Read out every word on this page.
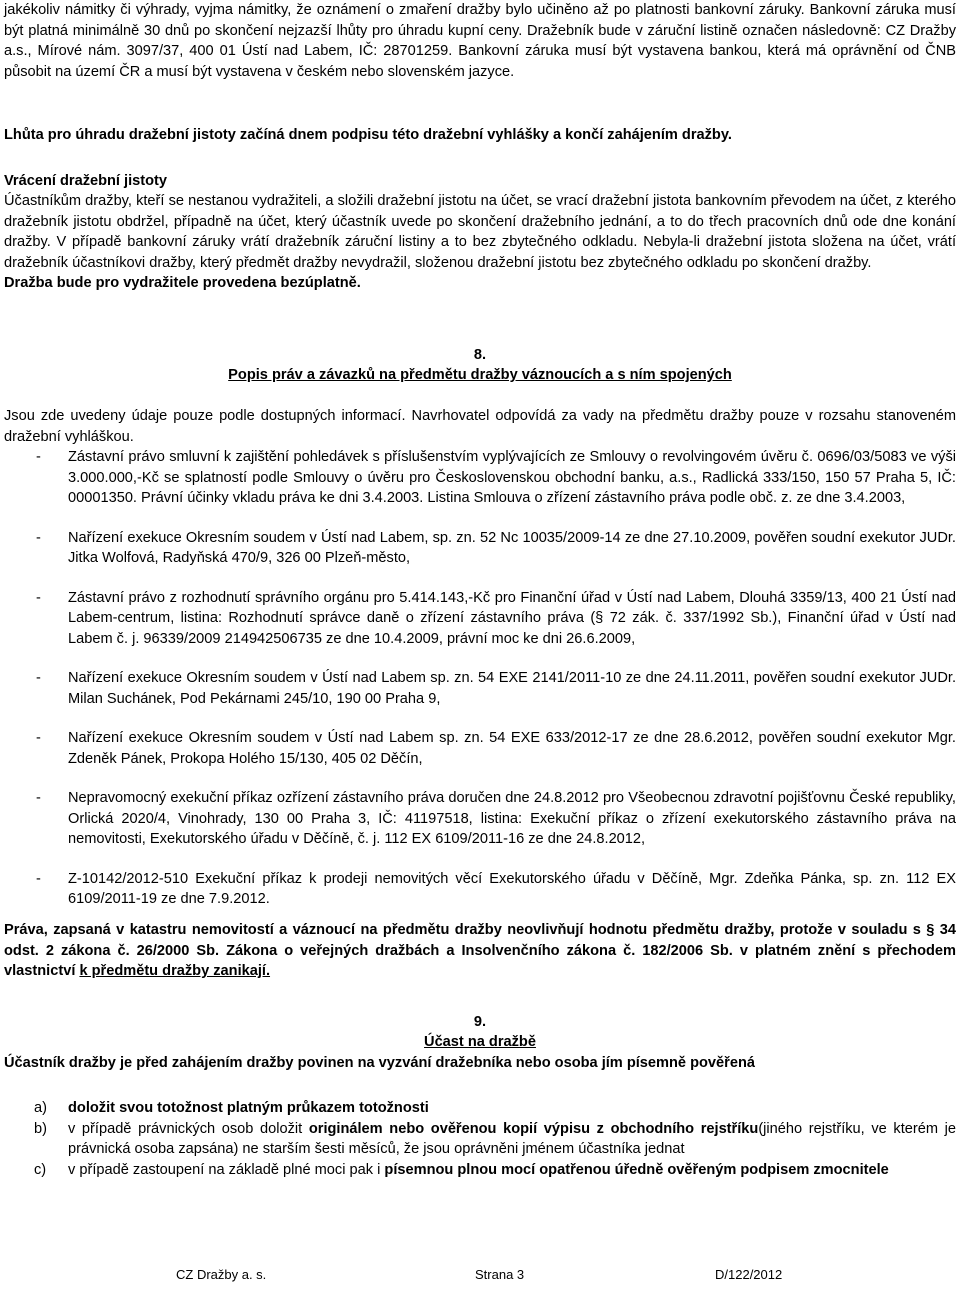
jakékoliv námitky či výhrady, vyjma námitky, že oznámení o zmaření dražby bylo učiněno až po platnosti bankovní záruky. Bankovní záruka musí být platná minimálně 30 dnů po skončení nejzazší lhůty pro úhradu kupní ceny. Dražebník bude v záruční listině označen následovně: CZ Dražby a.s., Mírové nám. 3097/37, 400 01 Ústí nad Labem, IČ: 28701259. Bankovní záruka musí být vystavena bankou, která má oprávnění od ČNB působit na území ČR a musí být vystavena v českém nebo slovenském jazyce.

Lhůta pro úhradu dražební jistoty začíná dnem podpisu této dražební vyhlášky a končí zahájením dražby.

Vrácení dražební jistoty

Účastníkům dražby, kteří se nestanou vydražiteli, a složili dražební jistotu na účet, se vrací dražební jistota bankovním převodem na účet, z kterého dražebník jistotu obdržel, případně na účet, který účastník uvede po skončení dražebního jednání, a to do třech pracovních dnů ode dne konání dražby. V případě bankovní záruky vrátí dražebník záruční listiny a to bez zbytečného odkladu. Nebyla-li dražební jistota složena na účet, vrátí dražebník účastníkovi dražby, který předmět dražby nevydražil, složenou dražební jistotu bez zbytečného odkladu po skončení dražby.

Dražba bude pro vydražitele provedena bezúplatně.

8.

Popis práv a závazků na předmětu dražby váznoucích a s ním spojených

Jsou zde uvedeny údaje pouze podle dostupných informací. Navrhovatel odpovídá za vady na předmětu dražby pouze v rozsahu stanoveném dražební vyhláškou.

- Zástavní právo smluvní k zajištění pohledávek s příslušenstvím vyplývajících ze Smlouvy o revolvingovém úvěru č. 0696/03/5083 ve výši 3.000.000,-Kč se splatností podle Smlouvy o úvěru pro Československou obchodní banku, a.s., Radlická 333/150, 150 57 Praha 5, IČ: 00001350. Právní účinky vkladu práva ke dni 3.4.2003. Listina Smlouva o zřízení zástavního práva podle obč. z. ze dne 3.4.2003,
- Nařízení exekuce Okresním soudem v Ústí nad Labem, sp. zn. 52 Nc 10035/2009-14 ze dne 27.10.2009, pověřen soudní exekutor JUDr. Jitka Wolfová, Radyňská 470/9, 326 00 Plzeň-město,
- Zástavní právo z rozhodnutí správního orgánu pro 5.414.143,-Kč pro Finanční úřad v Ústí nad Labem, Dlouhá 3359/13, 400 21 Ústí nad Labem-centrum, listina: Rozhodnutí správce daně o zřízení zástavního práva (§ 72 zák. č. 337/1992 Sb.), Finanční úřad v Ústí nad Labem č. j. 96339/2009 214942506735 ze dne 10.4.2009, právní moc ke dni 26.6.2009,
- Nařízení exekuce Okresním soudem v Ústí nad Labem sp. zn. 54 EXE 2141/2011-10 ze dne 24.11.2011, pověřen soudní exekutor JUDr. Milan Suchánek, Pod Pekárnami 245/10, 190 00 Praha 9,
- Nařízení exekuce Okresním soudem v Ústí nad Labem sp. zn. 54 EXE 633/2012-17 ze dne 28.6.2012, pověřen soudní exekutor Mgr. Zdeněk Pánek, Prokopa Holého 15/130, 405 02 Děčín,
- Nepravomocný exekuční příkaz ozřízení zástavního práva doručen dne 24.8.2012 pro Všeobecnou zdravotní pojišťovnu České republiky, Orlická 2020/4, Vinohrady, 130 00 Praha 3, IČ: 41197518, listina: Exekuční příkaz o zřízení exekutorského zástavního práva na nemovitosti, Exekutorského úřadu v Děčíně, č. j. 112 EX 6109/2011-16 ze dne 24.8.2012,
- Z-10142/2012-510 Exekuční příkaz k prodeji nemovitých věcí Exekutorského úřadu v Děčíně, Mgr. Zdeňka Pánka, sp. zn. 112 EX 6109/2011-19 ze dne 7.9.2012.

Práva, zapsaná v katastru nemovitostí a váznoucí na předmětu dražby neovlivňují hodnotu předmětu dražby, protože v souladu s § 34 odst. 2 zákona č. 26/2000 Sb. Zákona o veřejných dražbách a Insolvenčního zákona č. 182/2006 Sb. v platném znění s přechodem vlastnictví k předmětu dražby zanikají.

9.

Účast na dražbě

Účastník dražby je před zahájením dražby povinen na vyzvání dražebníka nebo osoba jím písemně pověřená

a) doložit svou totožnost platným průkazem totožnosti
b) v případě právnických osob doložit originálem nebo ověřenou kopií výpisu z obchodního rejstříku(jiného rejstříku, ve kterém je právnická osoba zapsána) ne starším šesti měsíců, že jsou oprávněni jménem účastníka jednat
c) v případě zastoupení na základě plné moci pak i písemnou plnou mocí opatřenou úředně ověřeným podpisem zmocnitele
CZ Dražby a. s.	Strana 3	D/122/2012
